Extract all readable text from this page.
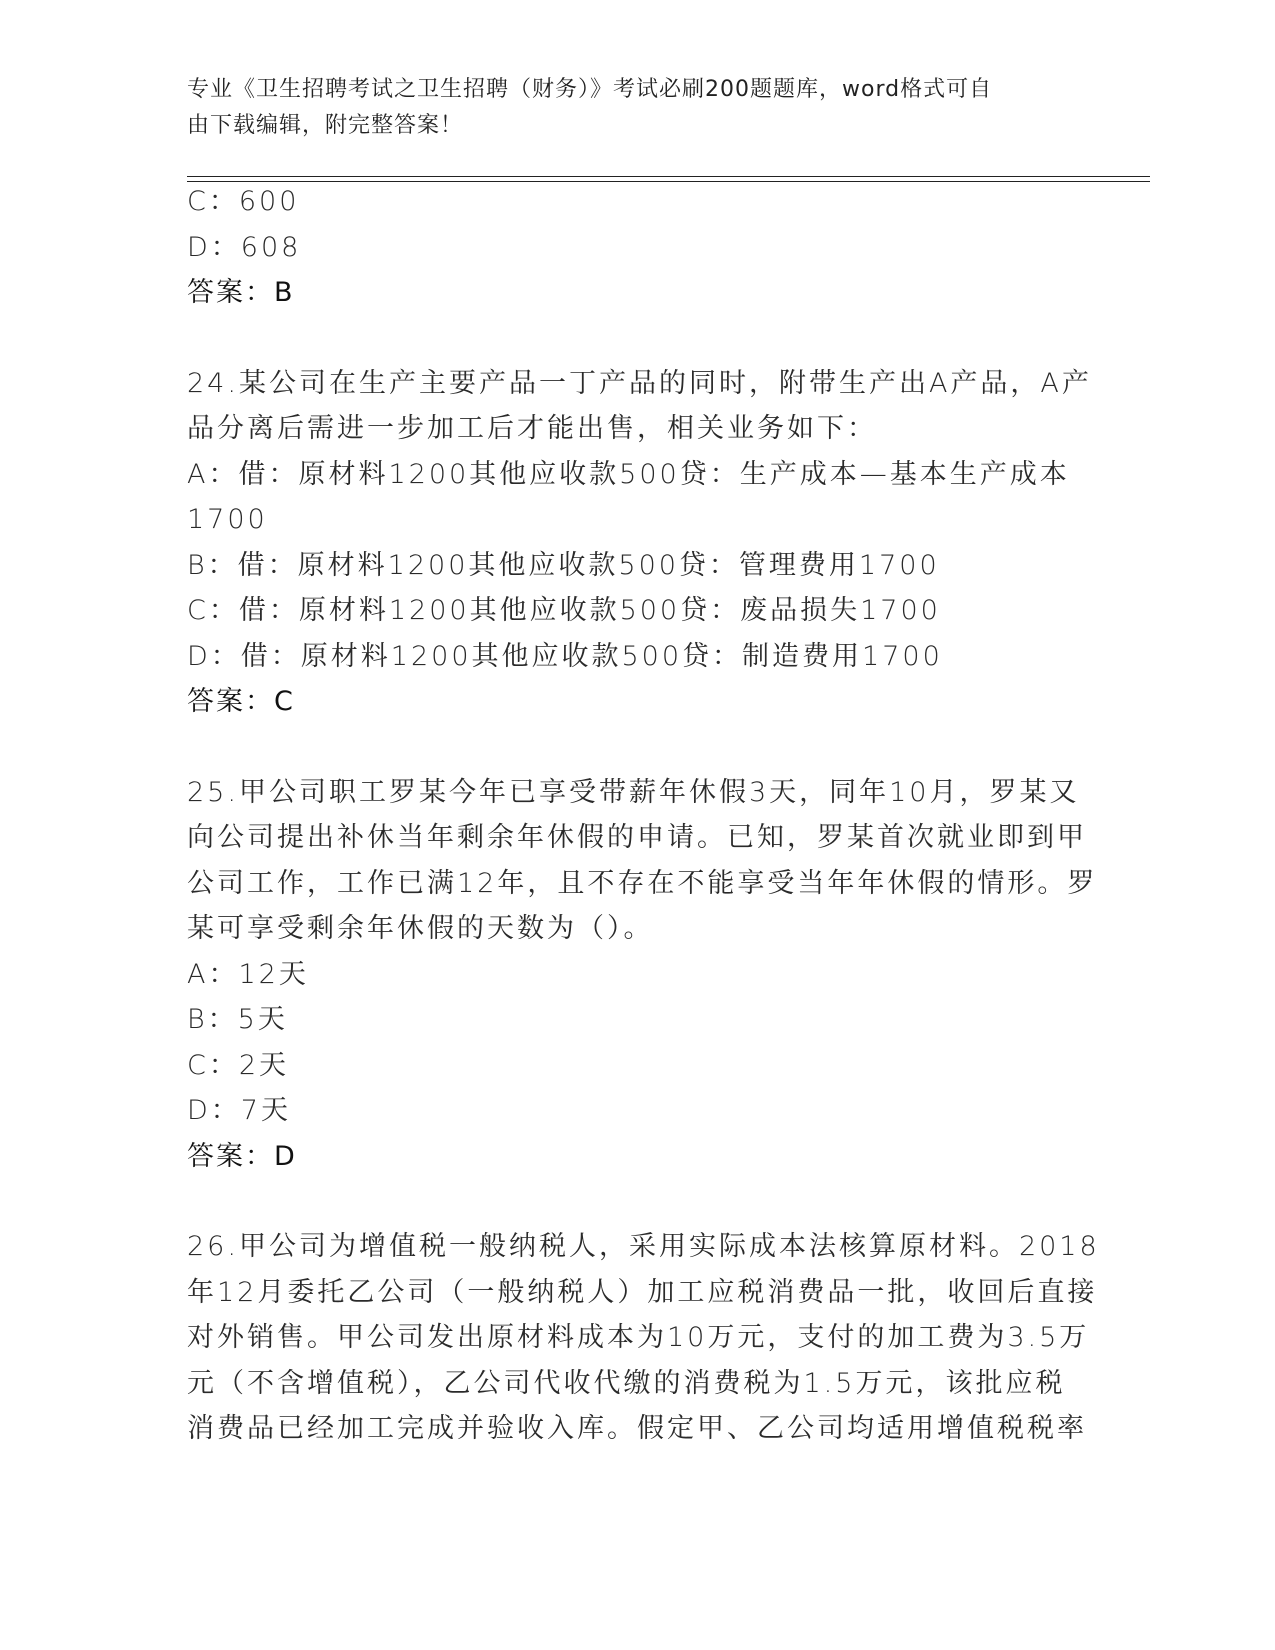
专业《卫生招聘考试之卫生招聘（财务）》考试必刷200题题库，word格式可自
由下载编辑，附完整答案！
C：600
D：608
答案：B
24.某公司在生产主要产品一丁产品的同时，附带生产出A产品，A产
品分离后需进一步加工后才能出售，相关业务如下：
A：借：原材料1200其他应收款500贷：生产成本—基本生产成本
1700
B：借：原材料1200其他应收款500贷：管理费用1700
C：借：原材料1200其他应收款500贷：废品损失1700
D：借：原材料1200其他应收款500贷：制造费用1700
答案：C
25.甲公司职工罗某今年已享受带薪年休假3天，同年10月，罗某又
向公司提出补休当年剩余年休假的申请。已知，罗某首次就业即到甲
公司工作，工作已满12年，且不存在不能享受当年年休假的情形。罗
某可享受剩余年休假的天数为（）。
A：12天
B：5天
C：2天
D：7天
答案：D
26.甲公司为增值税一般纳税人，采用实际成本法核算原材料。2018
年12月委托乙公司（一般纳税人）加工应税消费品一批，收回后直接
对外销售。甲公司发出原材料成本为10万元，支付的加工费为3.5万
元（不含增值税），乙公司代收代缴的消费税为1.5万元，该批应税
消费品已经加工完成并验收入库。假定甲、乙公司均适用增值税税率
